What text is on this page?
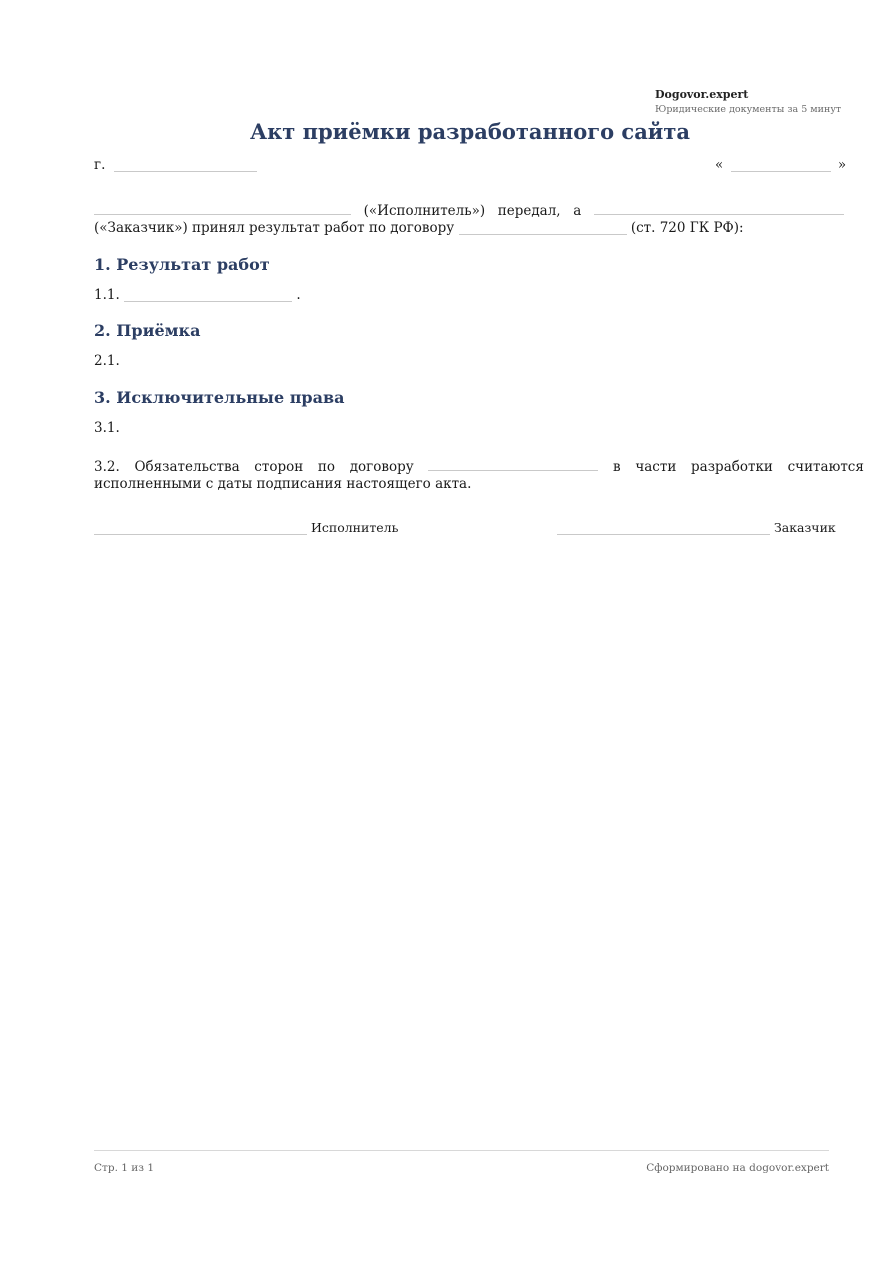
Dogovor.expert
Юридические документы за 5 минут
Акт приёмки разработанного сайта
г.	«	»
(«Исполнитель») передал, а
(«Заказчик») принял результат работ по договору	(ст. 720 ГК РФ):
1. Результат работ
1.1.	.
2. Приёмка
2.1.
3. Исключительные права
3.1.
3.2. Обязательства сторон по договору	в части разработки считаются
исполненными с даты подписания настоящего акта.
Исполнитель	Заказчик
Стр. 1 из 1	Сформировано на dogovor.expert
